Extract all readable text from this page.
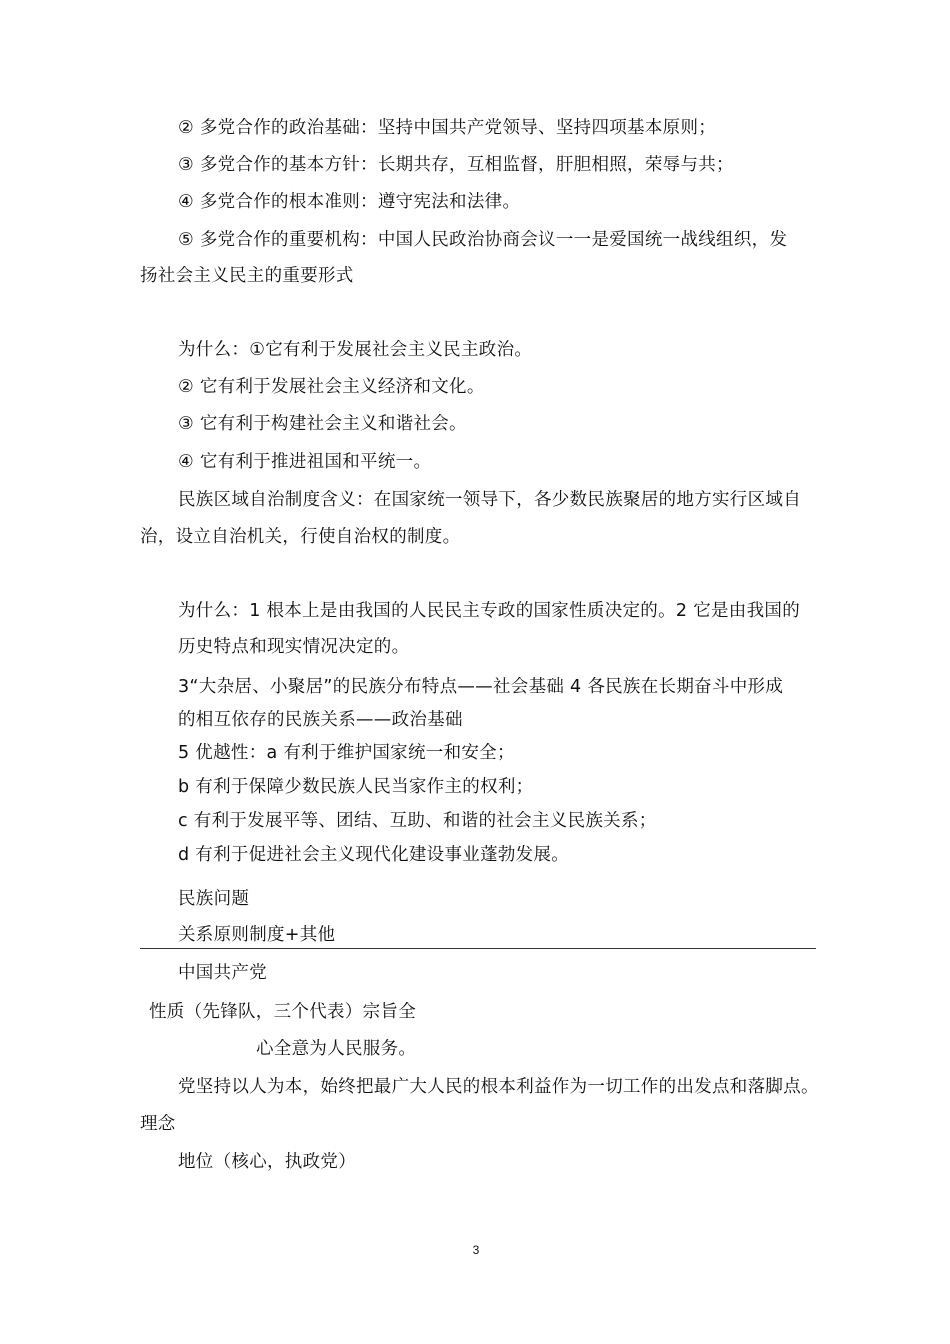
② 多党合作的政治基础：坚持中国共产党领导、坚持四项基本原则；
③ 多党合作的基本方针：长期共存，互相监督，肝胆相照，荣辱与共；
④ 多党合作的根本准则：遵守宪法和法律。
⑤ 多党合作的重要机构：中国人民政治协商会议一一是爱国统一战线组织，发
扬社会主义民主的重要形式
为什么：①它有利于发展社会主义民主政治。
② 它有利于发展社会主义经济和文化。
③ 它有利于构建社会主义和谐社会。
④ 它有利于推进祖国和平统一。
民族区域自治制度含义：在国家统一领导下，各少数民族聚居的地方实行区域自
治，设立自治机关，行使自治权的制度。
为什么：1 根本上是由我国的人民民主专政的国家性质决定的。2 它是由我国的
历史特点和现实情况决定的。
3“大杂居、小聚居”的民族分布特点——社会基础 4 各民族在长期奋斗中形成
的相互依存的民族关系——政治基础
5 优越性：a 有利于维护国家统一和安全；
b 有利于保障少数民族人民当家作主的权利；
c 有利于发展平等、团结、互助、和谐的社会主义民族关系；
d 有利于促进社会主义现代化建设事业蓬勃发展。
民族问题
关系原则制度+其他
中国共产党
性质（先锋队，三个代表）宗旨全
心全意为人民服务。
党坚持以人为本，始终把最广大人民的根本利益作为一切工作的出发点和落脚点。
理念
地位（核心，执政党）
3
